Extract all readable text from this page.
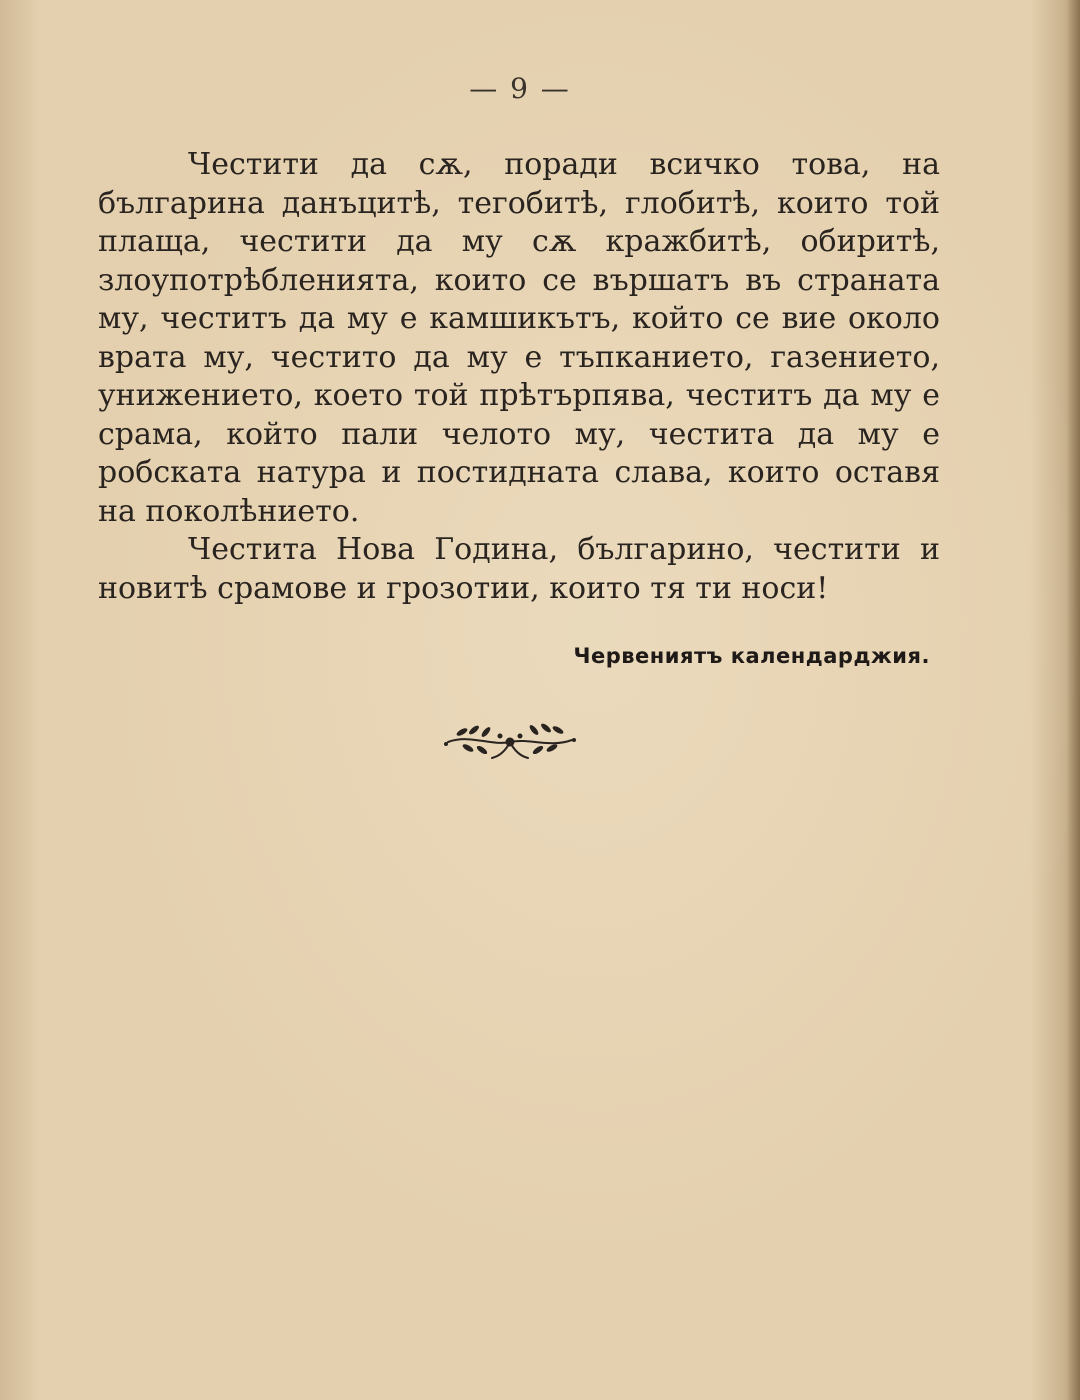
— 9 —

Честити да сѫ, поради всичко това, на българина данъцитѣ, тегобитѣ, глобитѣ, които той плаща, честити да му сѫ кражбитѣ, обиритѣ, злоупотрѣбленията, които се вършатъ въ страната му, честитъ да му е камшикътъ, който се вие около врата му, честито да му е тъпканието, газението, унижението, което той прѣтърпява, честитъ да му е срама, който пали челото му, честита да му е робската натура и постидната слава, които оставя на поколѣнието.

Честита Нова Година, българино, честити и новитѣ срамове и грозотии, които тя ти носи!

Червениятъ календарджия.
